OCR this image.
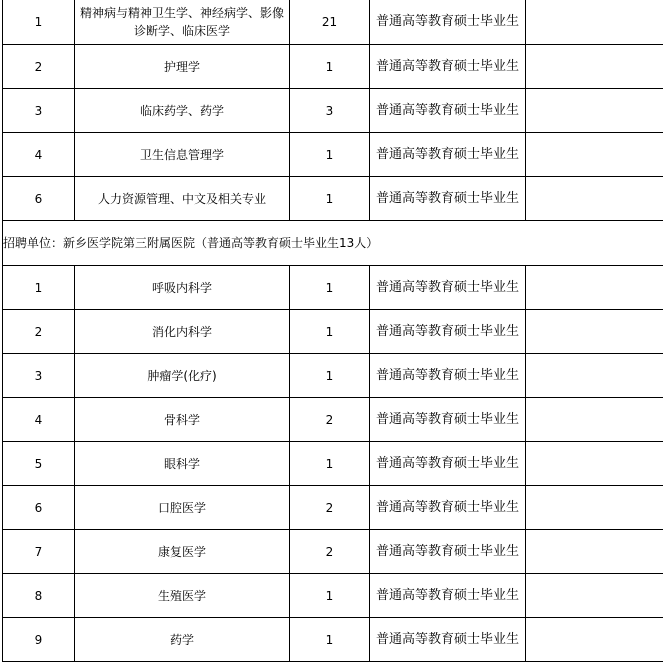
1	精神病与精神卫生学、神经病学、影像诊断学、临床医学	21	普通高等教育硕士毕业生	
2	护理学	1	普通高等教育硕士毕业生	
3	临床药学、药学	3	普通高等教育硕士毕业生	
4	卫生信息管理学	1	普通高等教育硕士毕业生	
6	人力资源管理、中文及相关专业	1	普通高等教育硕士毕业生	
招聘单位：新乡医学院第三附属医院（普通高等教育硕士毕业生13人）				
1	呼吸内科学	1	普通高等教育硕士毕业生	
2	消化内科学	1	普通高等教育硕士毕业生	
3	肿瘤学(化疗)	1	普通高等教育硕士毕业生	
4	骨科学	2	普通高等教育硕士毕业生	
5	眼科学	1	普通高等教育硕士毕业生	
6	口腔医学	2	普通高等教育硕士毕业生	
7	康复医学	2	普通高等教育硕士毕业生	
8	生殖医学	1	普通高等教育硕士毕业生	
9	药学	1	普通高等教育硕士毕业生	
